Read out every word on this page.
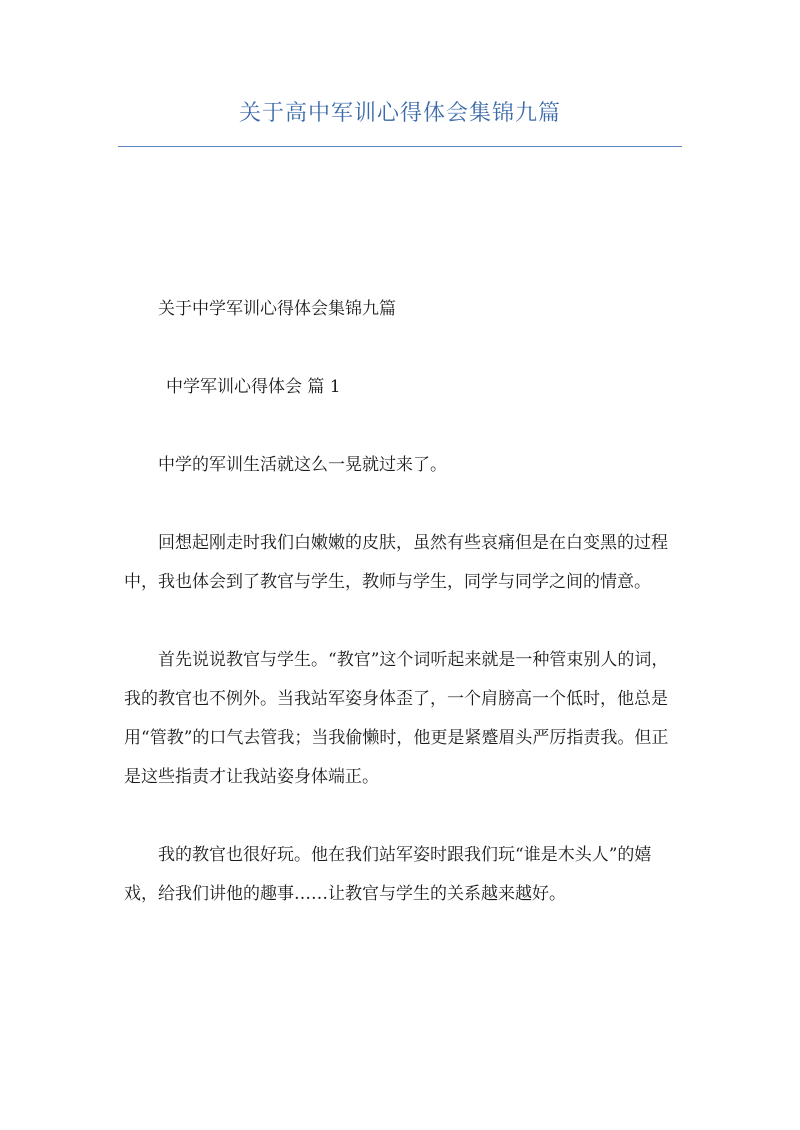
关于高中军训心得体会集锦九篇

关于中学军训心得体会集锦九篇

中学军训心得体会 篇 1

中学的军训生活就这么一晃就过来了。

回想起刚走时我们白嫩嫩的皮肤，虽然有些哀痛但是在白变黑的过程中，我也体会到了教官与学生，教师与学生，同学与同学之间的情意。

首先说说教官与学生。“教官”这个词听起来就是一种管束别人的词，我的教官也不例外。当我站军姿身体歪了，一个肩膀高一个低时，他总是用“管教”的口气去管我；当我偷懒时，他更是紧蹙眉头严厉指责我。但正是这些指责才让我站姿身体端正。

我的教官也很好玩。他在我们站军姿时跟我们玩“谁是木头人”的嬉戏，给我们讲他的趣事……让教官与学生的关系越来越好。
